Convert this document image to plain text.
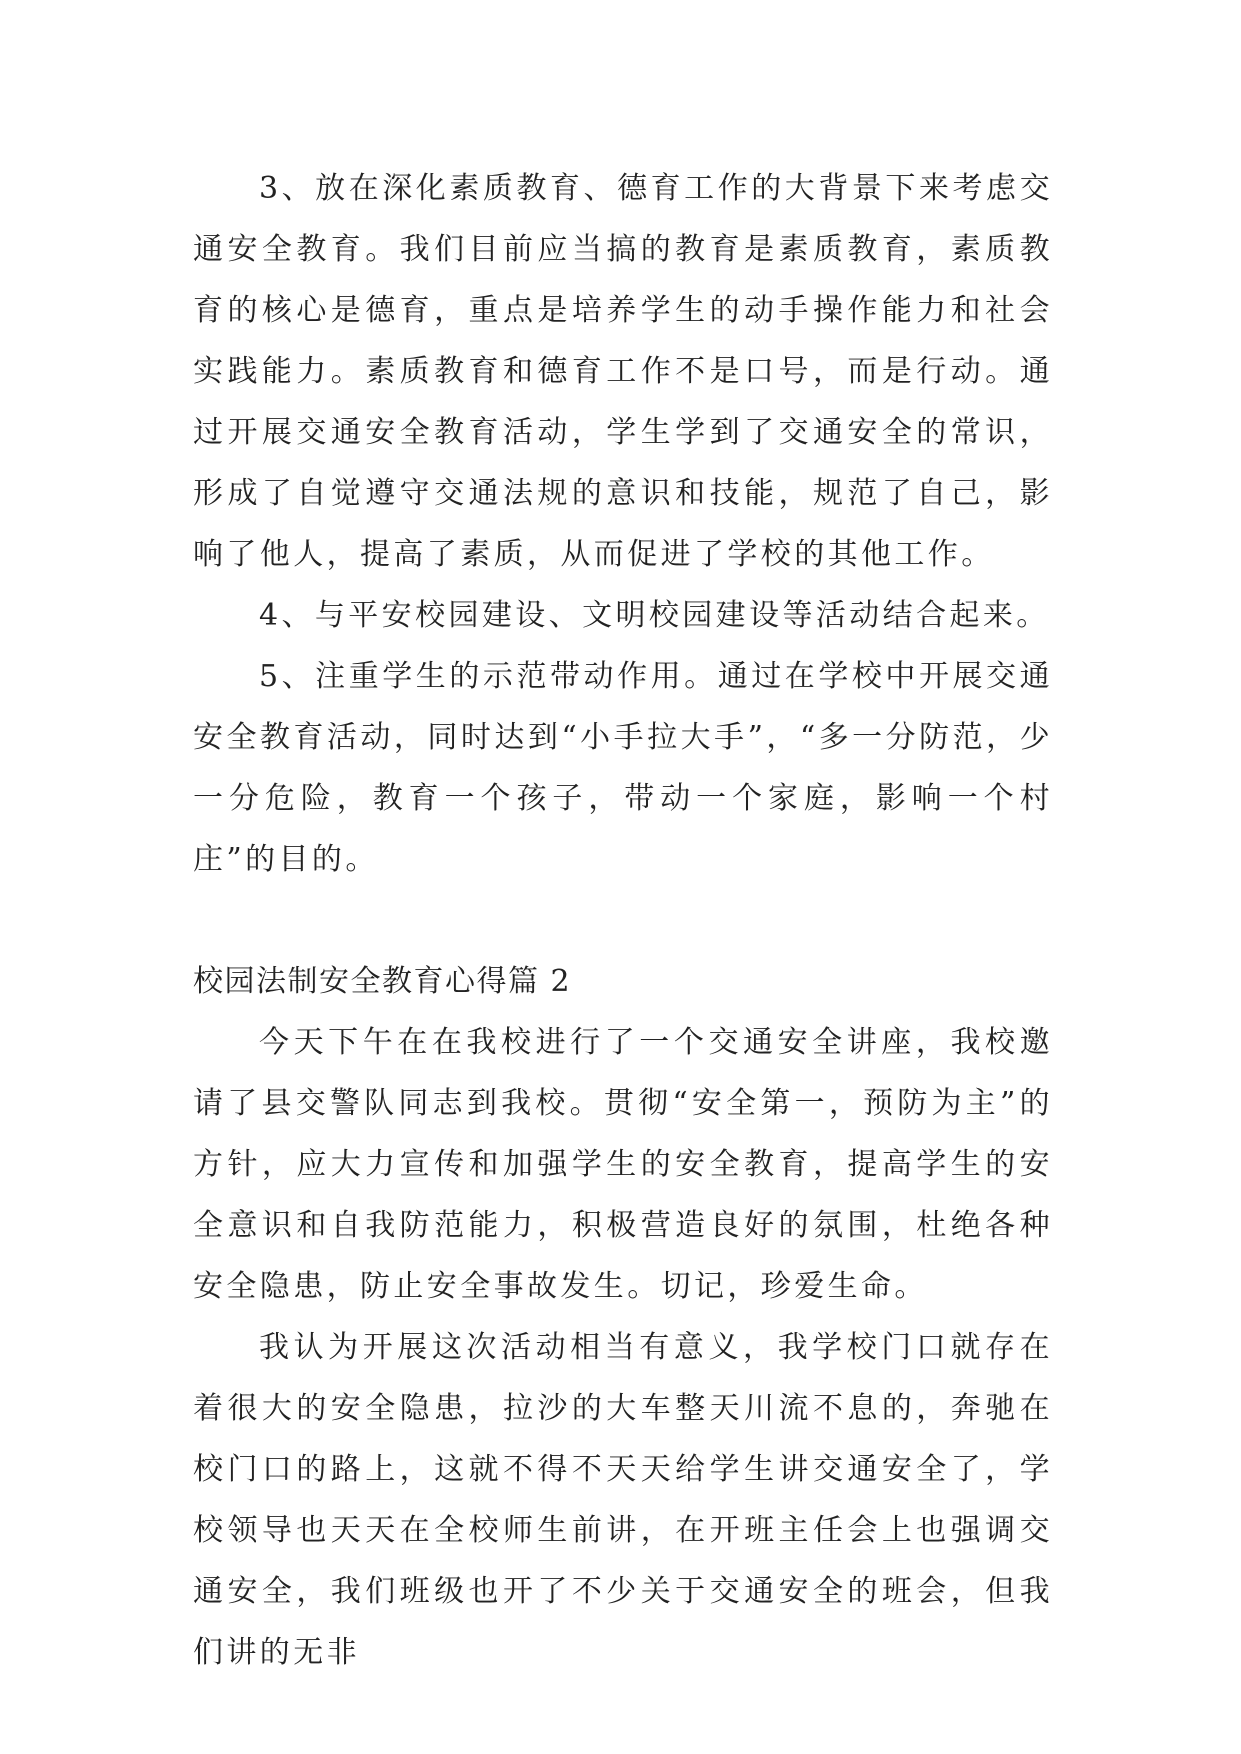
3、放在深化素质教育、德育工作的大背景下来考虑交通安全教育。我们目前应当搞的教育是素质教育，素质教育的核心是德育，重点是培养学生的动手操作能力和社会实践能力。素质教育和德育工作不是口号，而是行动。通过开展交通安全教育活动，学生学到了交通安全的常识，形成了自觉遵守交通法规的意识和技能，规范了自己，影响了他人，提高了素质，从而促进了学校的其他工作。

4、与平安校园建设、文明校园建设等活动结合起来。

5、注重学生的示范带动作用。通过在学校中开展交通安全教育活动，同时达到“小手拉大手”，“多一分防范，少一分危险，教育一个孩子，带动一个家庭，影响一个村庄”的目的。

校园法制安全教育心得篇 2

今天下午在在我校进行了一个交通安全讲座，我校邀请了县交警队同志到我校。贯彻“安全第一，预防为主”的方针，应大力宣传和加强学生的安全教育，提高学生的安全意识和自我防范能力，积极营造良好的氛围，杜绝各种安全隐患，防止安全事故发生。切记，珍爱生命。

我认为开展这次活动相当有意义，我学校门口就存在着很大的安全隐患，拉沙的大车整天川流不息的，奔驰在校门口的路上，这就不得不天天给学生讲交通安全了，学校领导也天天在全校师生前讲，在开班主任会上也强调交通安全，我们班级也开了不少关于交通安全的班会，但我们讲的无非
